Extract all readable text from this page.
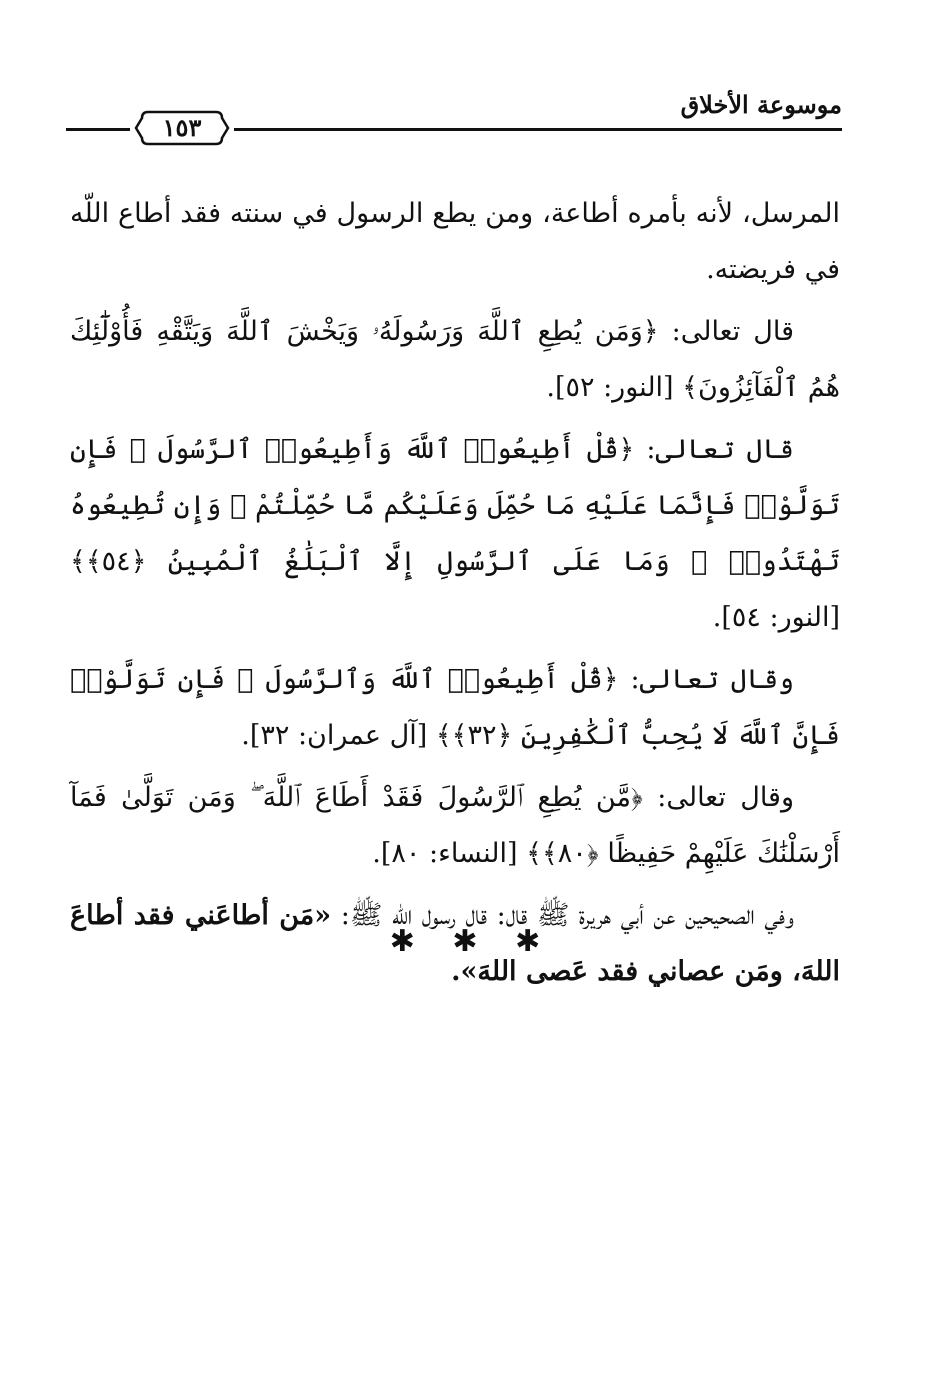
موسوعة الأخلاق
١٥٣

المرسل، لأنه بأمره أطاعة، ومن يطع الرسول في سنته فقد أطاع اللّه في فريضته.

قال تعالى: ﴿وَمَن يُطِعِ ٱللَّهَ وَرَسُولَهُۥ وَيَخْشَ ٱللَّهَ وَيَتَّقْهِ فَأُوْلَٰٓئِكَ هُمُ ٱلْفَآئِزُونَ﴾ [النور: ٥٢].

قال تعالى: ﴿قُلْ أَطِيعُوا۟ ٱللَّهَ وَأَطِيعُوا۟ ٱلرَّسُولَ ۖ فَإِن تَوَلَّوْا۟ فَإِنَّمَا عَلَيْهِ مَا حُمِّلَ وَعَلَيْكُم مَّا حُمِّلْتُمْ ۖ وَإِن تُطِيعُوهُ تَهْتَدُوا۟ ۚ وَمَا عَلَى ٱلرَّسُولِ إِلَّا ٱلْبَلَٰغُ ٱلْمُبِينُ ﴿٥٤﴾﴾ [النور: ٥٤].

وقال تعالى: ﴿قُلْ أَطِيعُوا۟ ٱللَّهَ وَٱلرَّسُولَ ۖ فَإِن تَوَلَّوْا۟ فَإِنَّ ٱللَّهَ لَا يُحِبُّ ٱلْكَٰفِرِينَ ﴿٣٢﴾﴾ [آل عمران: ٣٢].

وقال تعالى: ﴿مَّن يُطِعِ ٱلرَّسُولَ فَقَدْ أَطَاعَ ٱللَّهَ ۖ وَمَن تَوَلَّىٰ فَمَآ أَرْسَلْنَٰكَ عَلَيْهِمْ حَفِيظًا ﴿٨٠﴾﴾ [النساء: ٨٠].

وفي الصحيحين عن أبي هريرة ﷺ قال: قال رسول اللّه ﷺ: «مَن أطاعَني فقد أطاعَ اللهَ، ومَن عصاني فقد عَصى اللهَ».

✱ ✱ ✱
